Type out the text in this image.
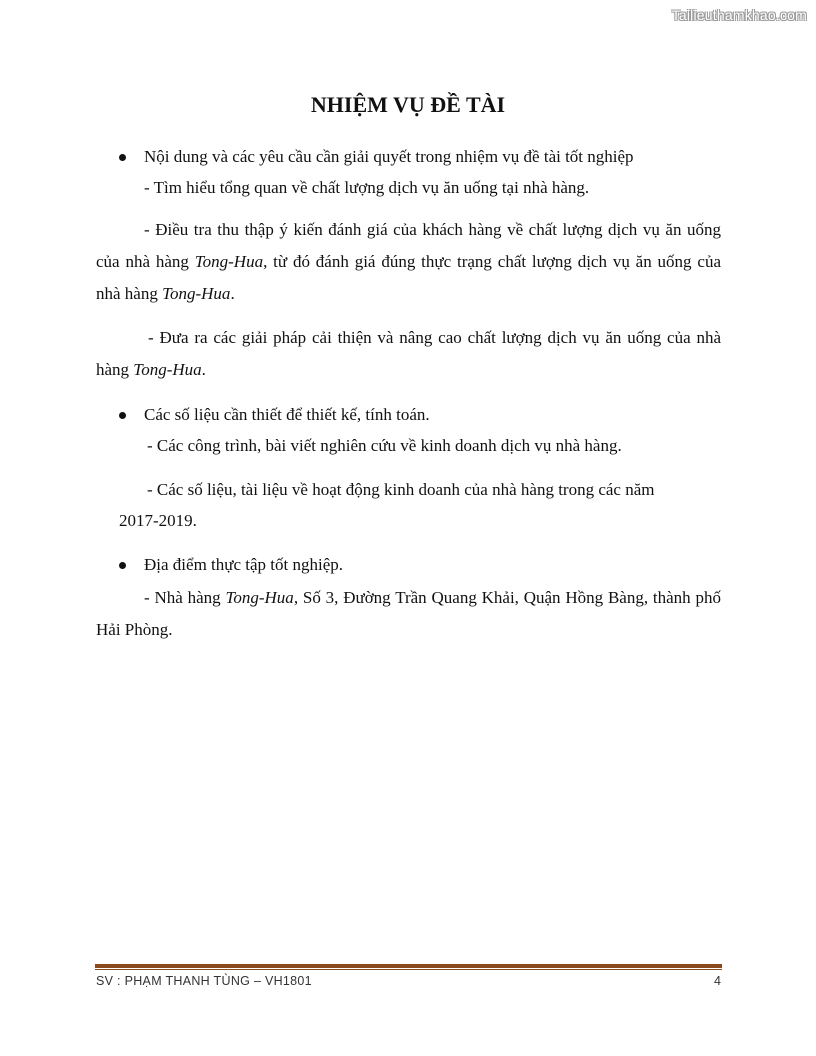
Tailieuthamkhao.com
NHIỆM VỤ ĐỀ TÀI
Nội dung và các yêu cầu cần giải quyết trong nhiệm vụ đề tài tốt nghiệp
- Tìm hiểu tổng quan về chất lượng dịch vụ ăn uống tại nhà hàng.

- Điều tra thu thập ý kiến đánh giá của khách hàng về chất lượng dịch vụ ăn uống của nhà hàng Tong-Hua, từ đó đánh giá đúng thực trạng chất lượng dịch vụ ăn uống của nhà hàng Tong-Hua.

- Đưa ra các giải pháp cải thiện và nâng cao chất lượng dịch vụ ăn uống của nhà hàng Tong-Hua.

Các số liệu cần thiết để thiết kế, tính toán.
- Các công trình, bài viết nghiên cứu về kinh doanh dịch vụ nhà hàng.
- Các số liệu, tài liệu về hoạt động kinh doanh của nhà hàng trong các năm
2017-2019.
Địa điểm thực tập tốt nghiệp.

- Nhà hàng Tong-Hua, Số 3, Đường Trần Quang Khải, Quận Hồng Bàng, thành phố Hải Phòng.

SV : PHẠM THANH TÙNG – VH1801	4
